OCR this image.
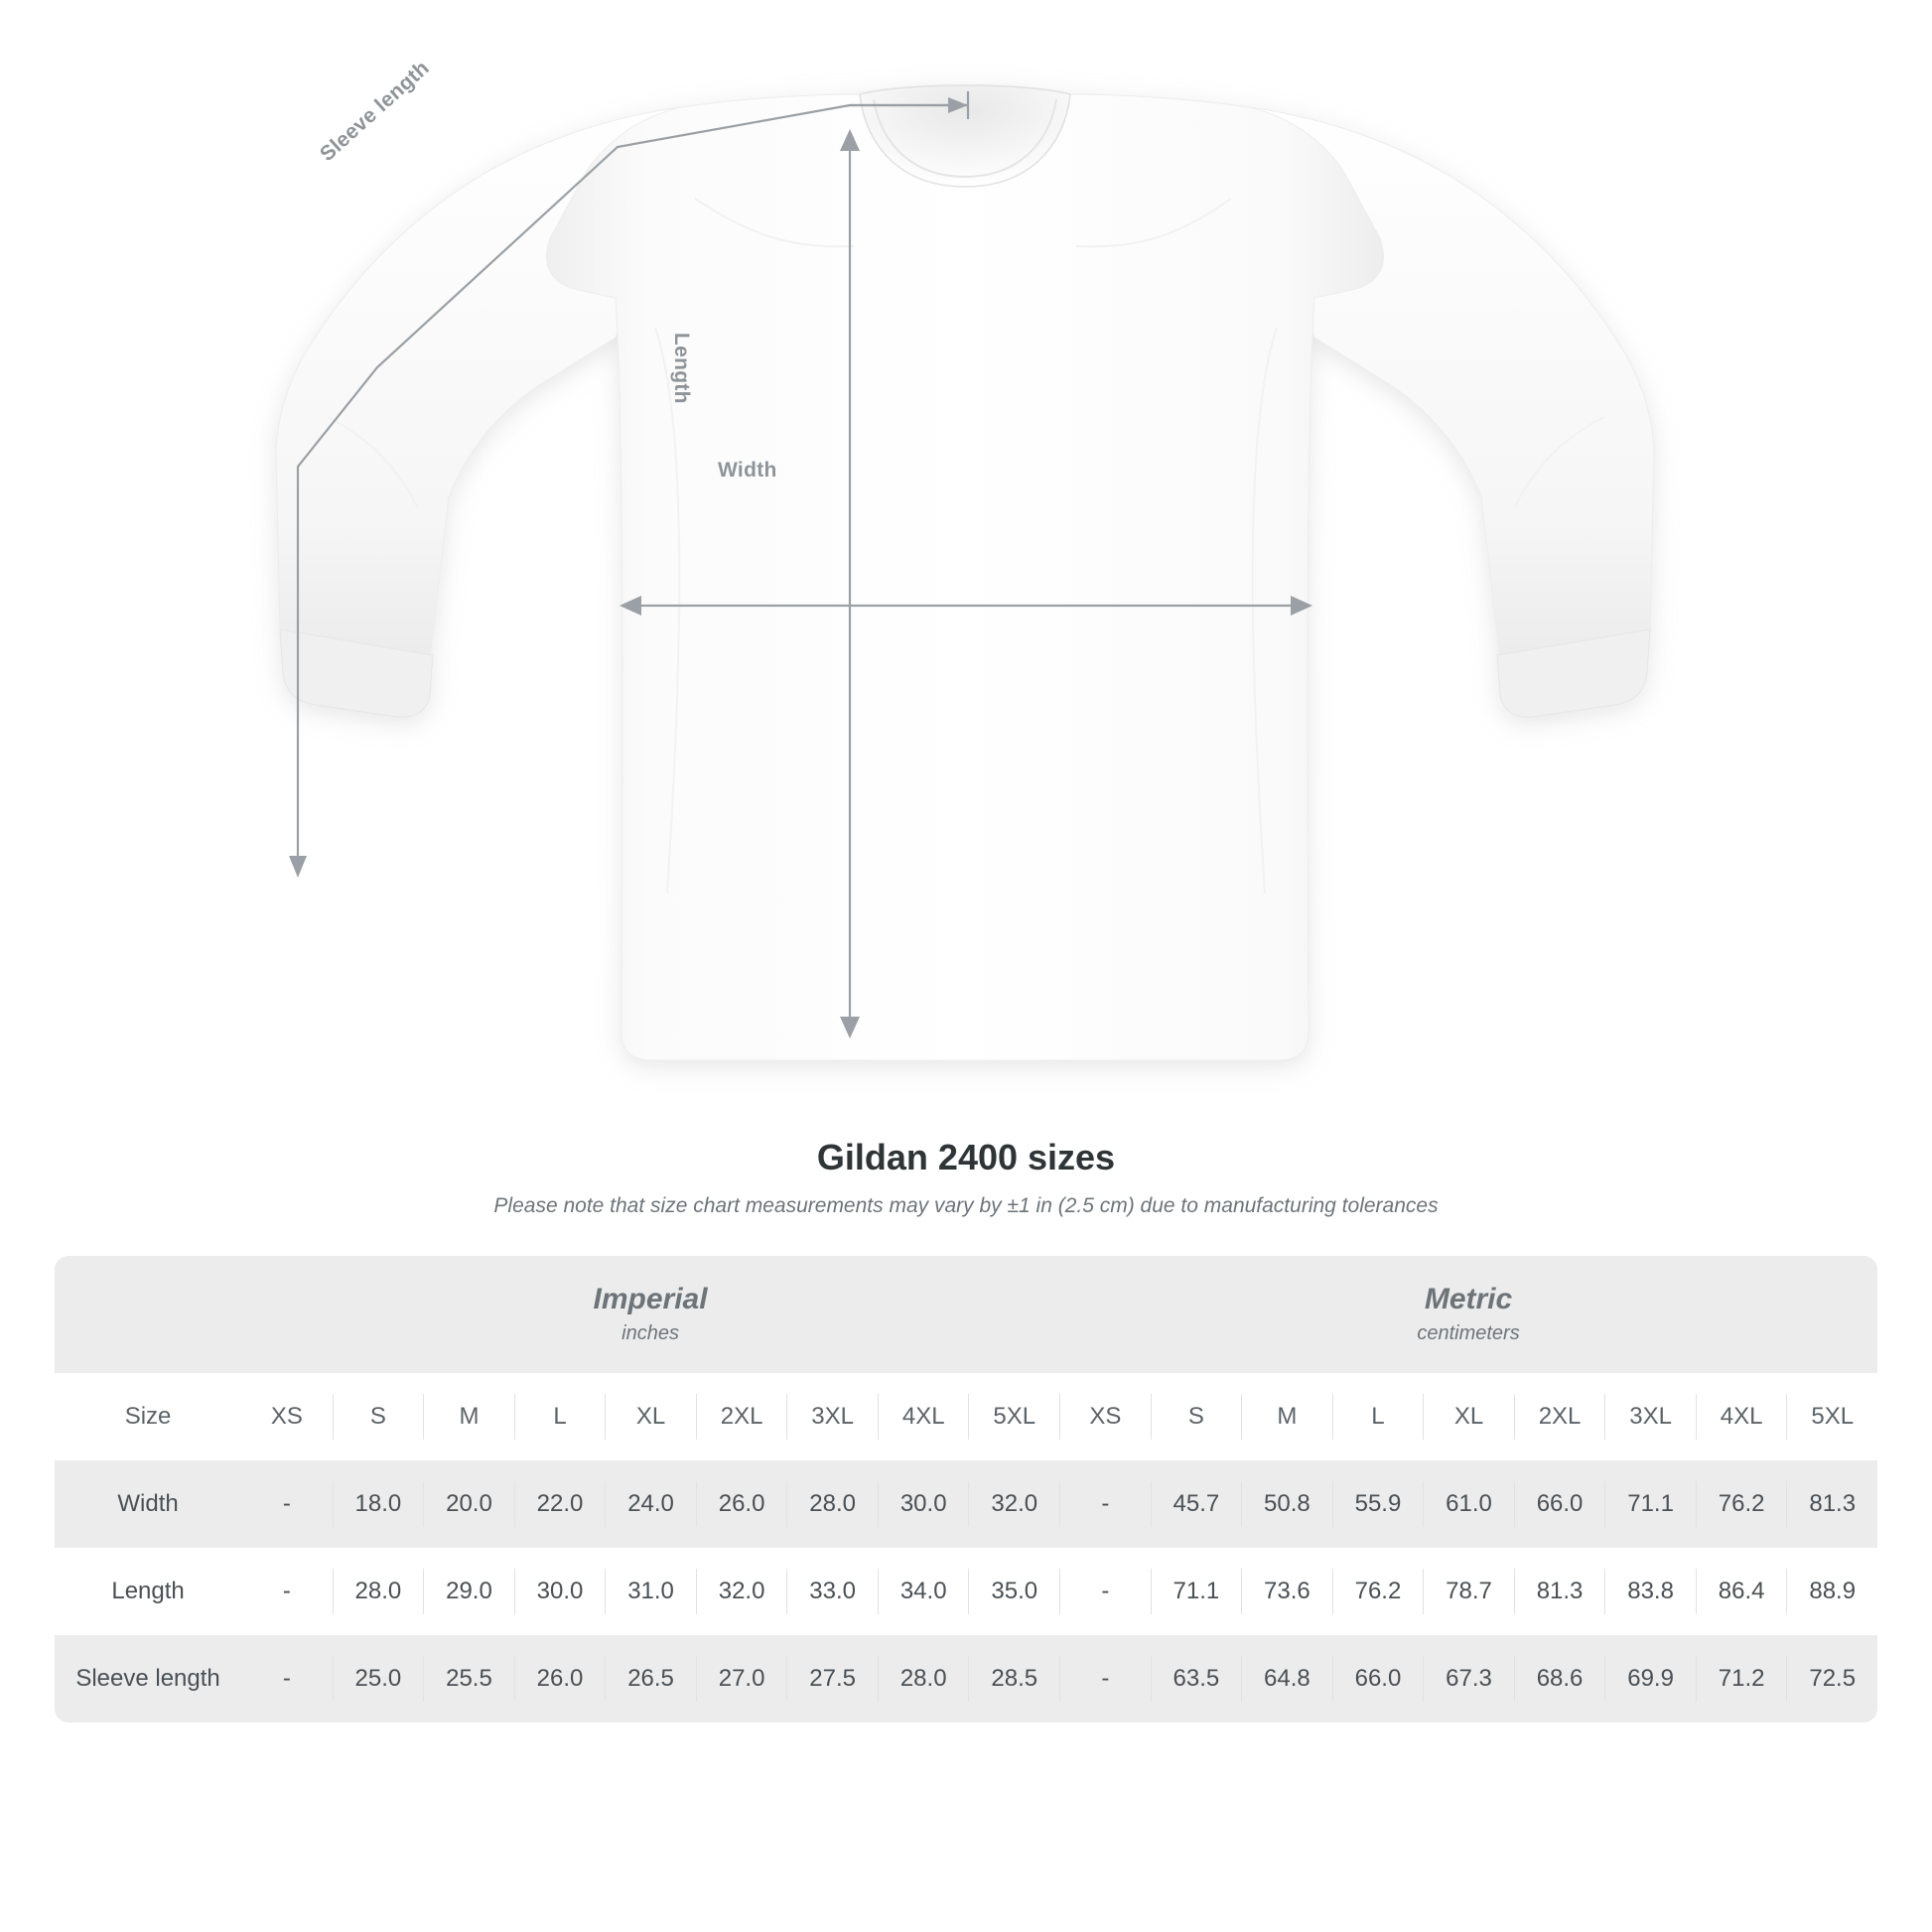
Sleeve length
Length
Width
Gildan 2400 sizes

Please note that size chart measurements may vary by ±1 in (2.5 cm) due to manufacturing tolerances

Imperial
inches

Metric
centimeters

Size	XS	S	M	L	XL	2XL	3XL	4XL	5XL	XS	S	M	L	XL	2XL	3XL	4XL	5XL

Width	-	18.0	20.0	22.0	24.0	26.0	28.0	30.0	32.0	-	45.7	50.8	55.9	61.0	66.0	71.1	76.2	81.3

Length	-	28.0	29.0	30.0	31.0	32.0	33.0	34.0	35.0	-	71.1	73.6	76.2	78.7	81.3	83.8	86.4	88.9

Sleeve length	-	25.0	25.5	26.0	26.5	27.0	27.5	28.0	28.5	-	63.5	64.8	66.0	67.3	68.6	69.9	71.2	72.5
